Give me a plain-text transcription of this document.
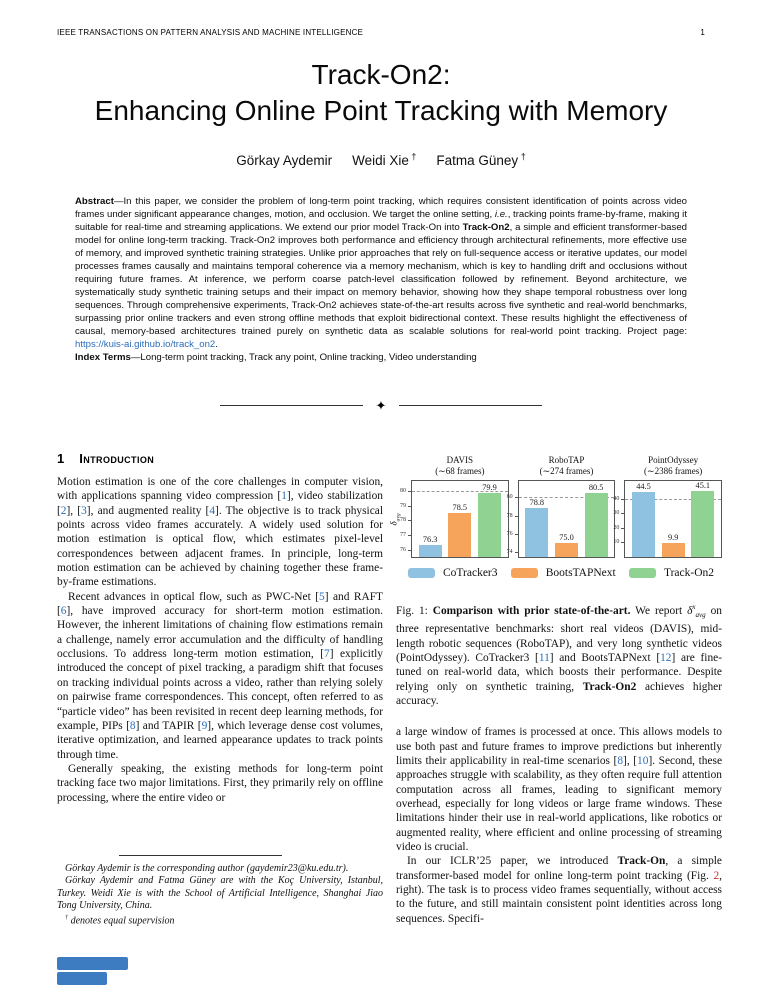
IEEE TRANSACTIONS ON PATTERN ANALYSIS AND MACHINE INTELLIGENCE	1
Track-On2:
Enhancing Online Point Tracking with Memory
Görkay Aydemir Weidi Xie † Fatma Güney †

Abstract—In this paper, we consider the problem of long-term point tracking, which requires consistent identification of points across video frames under significant appearance changes, motion, and occlusion. We target the online setting, i.e., tracking points frame-by-frame, making it suitable for real-time and streaming applications. We extend our prior model Track-On into Track-On2, a simple and efficient transformer-based model for online long-term tracking. Track-On2 improves both performance and efficiency through architectural refinements, more effective use of memory, and improved synthetic training strategies. Unlike prior approaches that rely on full-sequence access or iterative updates, our model processes frames causally and maintains temporal coherence via a memory mechanism, which is key to handling drift and occlusions without requiring future frames. At inference, we perform coarse patch-level classification followed by refinement. Beyond architecture, we systematically study synthetic training setups and their impact on memory behavior, showing how they shape temporal robustness over long sequences. Through comprehensive experiments, Track-On2 achieves state-of-the-art results across five synthetic and real-world benchmarks, surpassing prior online trackers and even strong offline methods that exploit bidirectional context. These results highlight the effectiveness of causal, memory-based architectures trained purely on synthetic data as scalable solutions for real-world point tracking. Project page: https://kuis-ai.github.io/track_on2.

Index Terms—Long-term point tracking, Track any point, Online tracking, Video understanding

✦
1 Introduction

Motion estimation is one of the core challenges in computer vision, with applications spanning video compression [1], video stabilization [2], [3], and augmented reality [4]. The objective is to track physical points across video frames accurately. A widely used solution for motion estimation is optical flow, which estimates pixel-level correspondences between adjacent frames. In principle, long-term motion estimation can be achieved by chaining together these frame-by-frame estimations.

Recent advances in optical flow, such as PWC-Net [5] and RAFT [6], have improved accuracy for short-term motion estimation. However, the inherent limitations of chaining flow estimations remain a challenge, namely error accumulation and the difficulty of handling occlusions. To address long-term motion estimation, [7] explicitly introduced the concept of pixel tracking, a paradigm shift that focuses on tracking individual points across a video, rather than relying solely on pairwise frame correspondences. This concept, often referred to as “particle video” has been revisited in recent deep learning methods, for example, PIPs [8] and TAPIR [9], which leverage dense cost volumes, iterative optimization, and learned appearance updates to track points through time.

Generally speaking, the existing methods for long-term point tracking face two major limitations. First, they primarily rely on offline processing, where the entire video or

Görkay Aydemir is the corresponding author (gaydemir23@ku.edu.tr).

Görkay Aydemir and Fatma Güney are with the Koç University, Istanbul, Turkey. Weidi Xie is with the School of Artificial Intelligence, Shanghai Jiao Tong University, China.

† denotes equal supervision

$\delta_{avg}$
DAVIS
(∼68 frames)
76
77
78
79
80
76.3
78.5
79.9
RoboTAP
(∼274 frames)
74
76
78
80
78.8
75.0
80.5
PointOdyssey
(∼2386 frames)
10
20
30
40
44.5
9.9
45.1
CoTracker3	BootsTAPNext	Track-On2

Fig. 1: Comparison with prior state-of-the-art. We report $\delta^x_{avg}$ on three representative benchmarks: short real videos (DAVIS), mid-length robotic sequences (RoboTAP), and very long synthetic videos (PointOdyssey). CoTracker3 [11] and BootsTAPNext [12] are fine-tuned on real-world data, which boosts their performance. Despite relying only on synthetic training, Track-On2 achieves higher accuracy.

a large window of frames is processed at once. This allows models to use both past and future frames to improve predictions but inherently limits their applicability in real-time scenarios [8], [10]. Second, these approaches struggle with scalability, as they often require full attention computation across all frames, leading to significant memory overhead, especially for long videos or large frame windows. These limitations hinder their use in real-world applications, like robotics or augmented reality, where efficient and online processing of streaming video is crucial.

In our ICLR’25 paper, we introduced Track-On, a simple transformer-based model for online long-term point tracking (Fig. 2, right). The task is to process video frames sequentially, without access to the future, and still maintain consistent point identities across long sequences. Specifi-
